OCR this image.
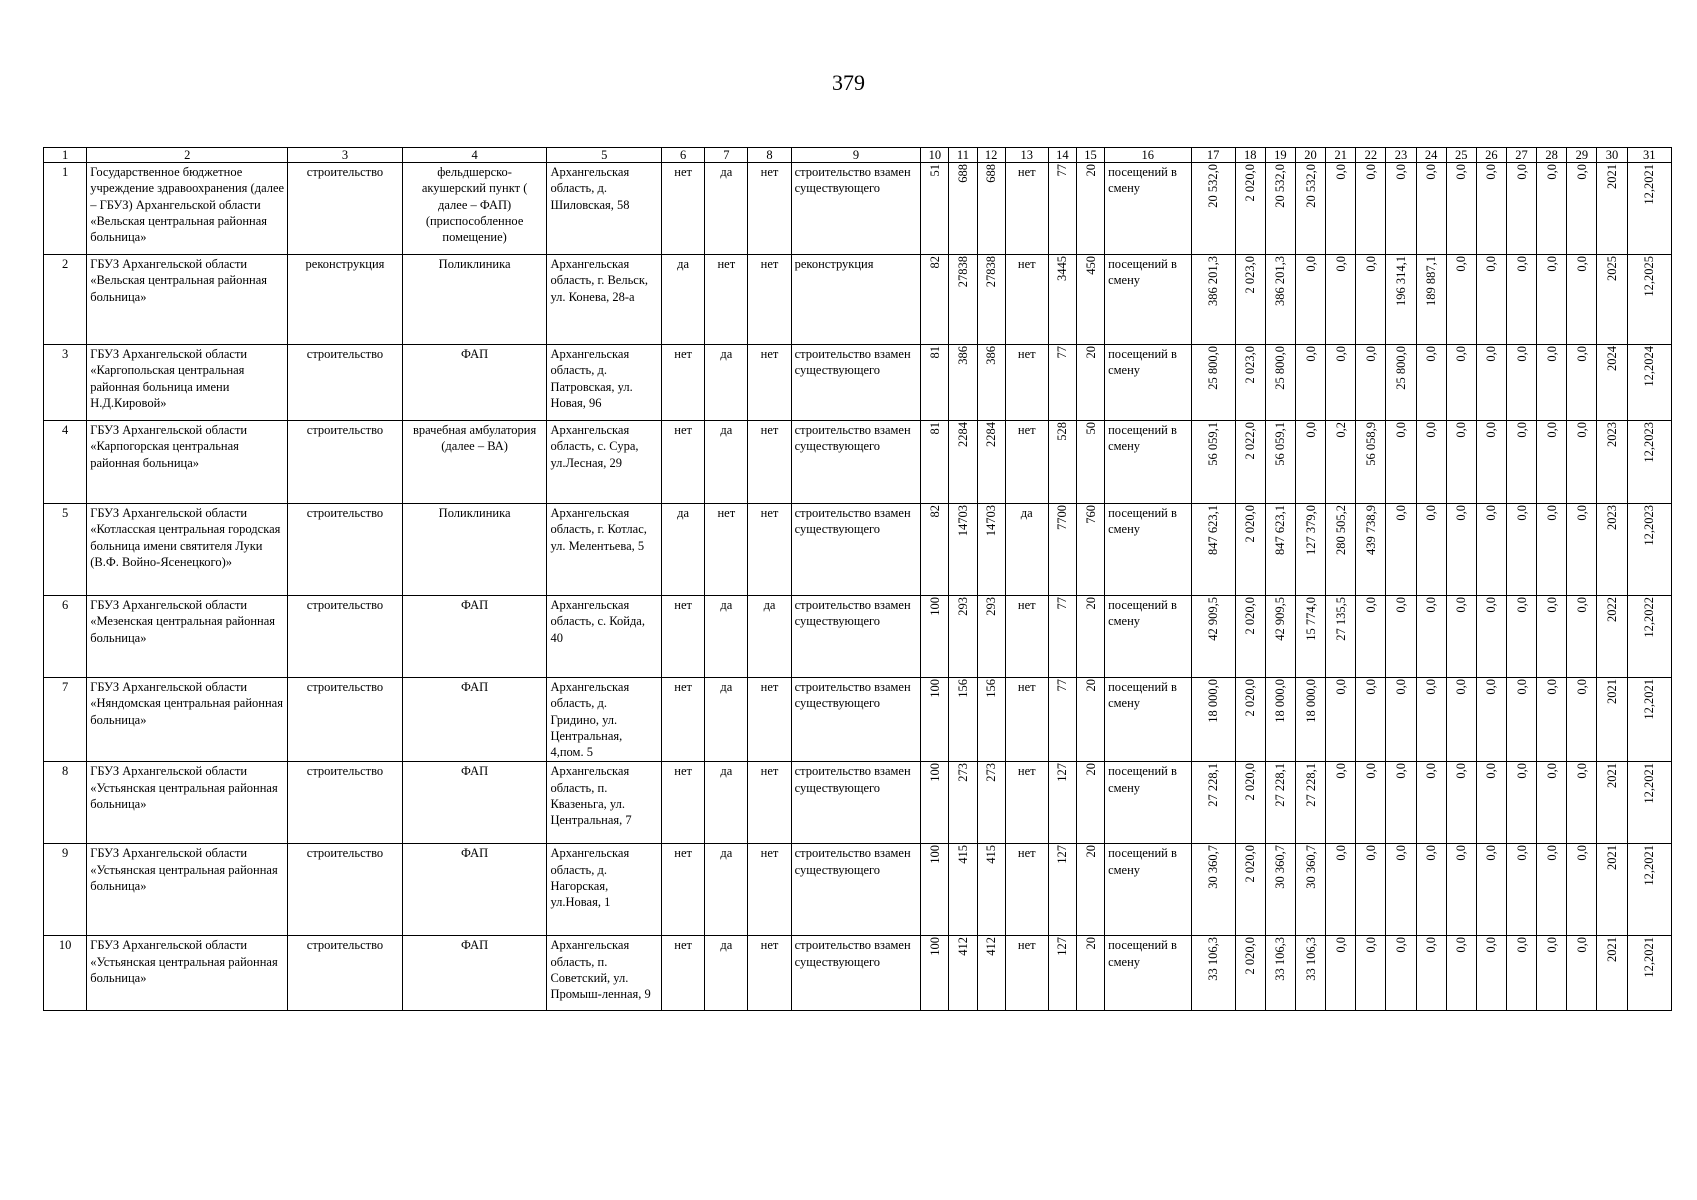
379
1	2	3	4	5	6	7	8	9	10	11	12	13	14	15	16	17	18	19	20	21	22	23	24	25	26	27	28	29	30	31
1	Государственное бюджетное учреждение здравоохранения (далее – ГБУЗ) Архангельской области «Вельская центральная районная больница»	строительство	фельдшерско-акушерский пункт ( далее – ФАП) (приспособленное помещение)	Архангельская область, д. Шиловская, 58	нет	да	нет	строительство взамен существующего	51	688	688	нет	77	20	посещений в смену	20 532,0	2 020,0	20 532,0	20 532,0	0,0	0,0	0,0	0,0	0,0	0,0	0,0	0,0	0,0	2021	12,2021
2	ГБУЗ Архангельской области «Вельская центральная районная больница»	реконструкция	Поликлиника	Архангельская область, г. Вельск, ул. Конева, 28-а	да	нет	нет	реконструкция	82	27838	27838	нет	3445	450	посещений в смену	386 201,3	2 023,0	386 201,3	0,0	0,0	0,0	196 314,1	189 887,1	0,0	0,0	0,0	0,0	0,0	2025	12,2025
3	ГБУЗ Архангельской области «Каргопольская центральная районная больница имени Н.Д.Кировой»	строительство	ФАП	Архангельская область, д. Патровская, ул. Новая, 96	нет	да	нет	строительство взамен существующего	81	386	386	нет	77	20	посещений в смену	25 800,0	2 023,0	25 800,0	0,0	0,0	0,0	25 800,0	0,0	0,0	0,0	0,0	0,0	0,0	2024	12,2024
4	ГБУЗ Архангельской области «Карпогорская центральная районная больница»	строительство	врачебная амбулатория (далее – ВА)	Архангельская область, с. Сура, ул.Лесная, 29	нет	да	нет	строительство взамен существующего	81	2284	2284	нет	528	50	посещений в смену	56 059,1	2 022,0	56 059,1	0,0	0,2	56 058,9	0,0	0,0	0,0	0,0	0,0	0,0	0,0	2023	12,2023
5	ГБУЗ Архангельской области «Котласская центральная городская больница имени святителя Луки (В.Ф. Войно-Ясенецкого)»	строительство	Поликлиника	Архангельская область, г. Котлас, ул. Мелентьева, 5	да	нет	нет	строительство взамен существующего	82	14703	14703	да	7700	760	посещений в смену	847 623,1	2 020,0	847 623,1	127 379,0	280 505,2	439 738,9	0,0	0,0	0,0	0,0	0,0	0,0	0,0	2023	12,2023
6	ГБУЗ Архангельской области «Мезенская центральная районная больница»	строительство	ФАП	Архангельская область, с. Койда, 40	нет	да	да	строительство взамен существующего	100	293	293	нет	77	20	посещений в смену	42 909,5	2 020,0	42 909,5	15 774,0	27 135,5	0,0	0,0	0,0	0,0	0,0	0,0	0,0	0,0	2022	12,2022
7	ГБУЗ Архангельской области «Няндомская центральная районная больница»	строительство	ФАП	Архангельская область, д. Гридино, ул. Центральная, 4,пом. 5	нет	да	нет	строительство взамен существующего	100	156	156	нет	77	20	посещений в смену	18 000,0	2 020,0	18 000,0	18 000,0	0,0	0,0	0,0	0,0	0,0	0,0	0,0	0,0	0,0	2021	12,2021
8	ГБУЗ Архангельской области «Устьянская центральная районная больница»	строительство	ФАП	Архангельская область, п. Квазеньга, ул. Центральная, 7	нет	да	нет	строительство взамен существующего	100	273	273	нет	127	20	посещений в смену	27 228,1	2 020,0	27 228,1	27 228,1	0,0	0,0	0,0	0,0	0,0	0,0	0,0	0,0	0,0	2021	12,2021
9	ГБУЗ Архангельской области «Устьянская центральная районная больница»	строительство	ФАП	Архангельская область, д. Нагорская, ул.Новая, 1	нет	да	нет	строительство взамен существующего	100	415	415	нет	127	20	посещений в смену	30 360,7	2 020,0	30 360,7	30 360,7	0,0	0,0	0,0	0,0	0,0	0,0	0,0	0,0	0,0	2021	12,2021
10	ГБУЗ Архангельской области «Устьянская центральная районная больница»	строительство	ФАП	Архангельская область, п. Советский, ул. Промыш-ленная, 9	нет	да	нет	строительство взамен существующего	100	412	412	нет	127	20	посещений в смену	33 106,3	2 020,0	33 106,3	33 106,3	0,0	0,0	0,0	0,0	0,0	0,0	0,0	0,0	0,0	2021	12,2021
